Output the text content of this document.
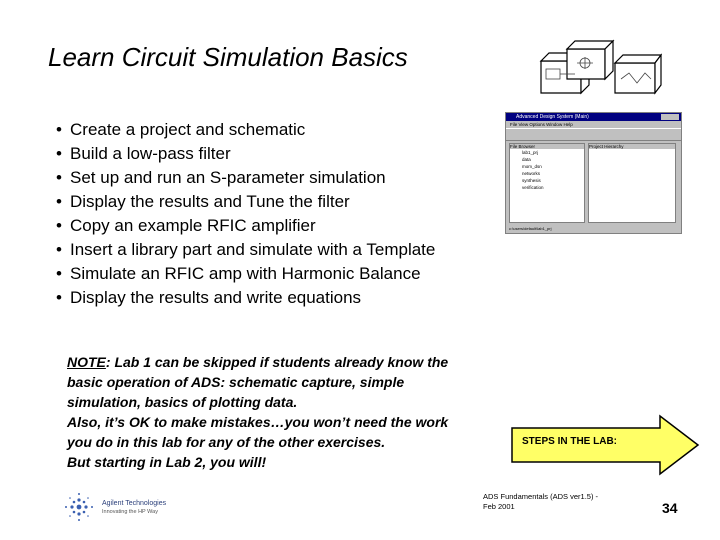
Learn Circuit Simulation Basics
• Create a project and schematic
• Build a low-pass filter
• Set up and run an S-parameter simulation
• Display the results and Tune the filter
• Copy an example RFIC amplifier
• Insert a library part and simulate with a Template
• Simulate an RFIC amp with Harmonic Balance
• Display the results and write equations
Advanced Design System (Main)
File View Options Window Help
File Browser
lab1_prj
data
mom_dsn
networks
synthesis
verification
Project Hierarchy
c:\users\default\lab1_prj
NOTE: Lab 1 can be skipped if students already know the
basic operation of ADS: schematic capture, simple
simulation, basics of plotting data.
Also, it’s OK to make mistakes…you won’t need the work
you do in this lab for any of the other exercises.
But starting in Lab 2, you will!
STEPS IN THE LAB:
Agilent Technologies
Innovating the HP Way
ADS Fundamentals (ADS ver1.5) - Feb 2001	34
